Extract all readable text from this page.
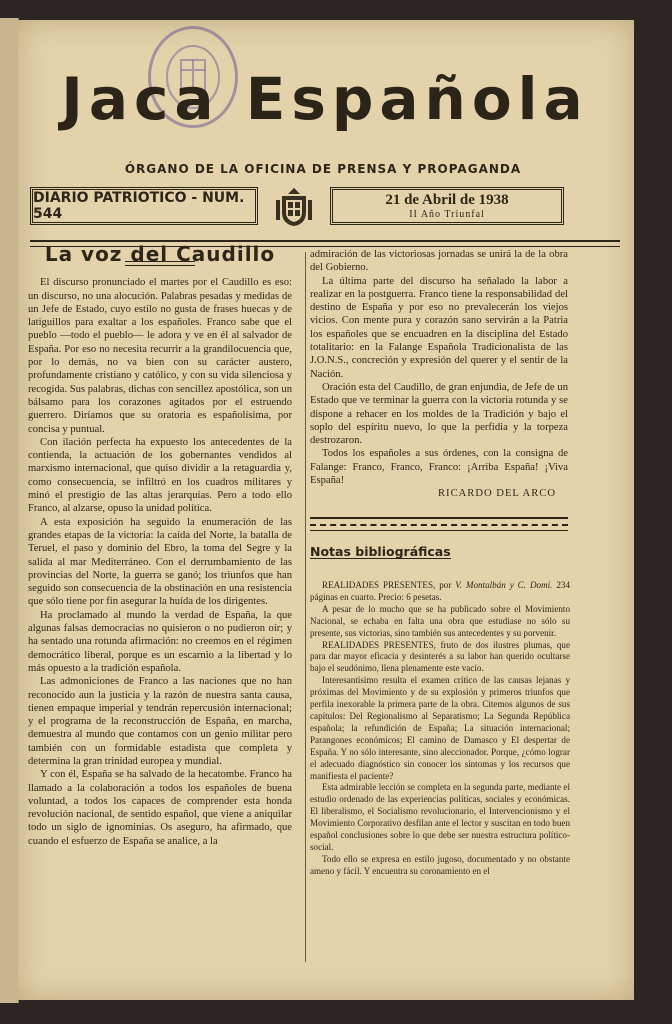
Jaca Española
ÓRGANO DE LA OFICINA DE PRENSA Y PROPAGANDA
DIARIO PATRIOTICO - NUM. 544
21 de Abril de 1938
II Año Triunfal

La voz del Caudillo

El discurso pronunciado el martes por el Caudillo es eso: un discurso, no una alocución. Palabras pesadas y medidas de un Jefe de Estado, cuyo estilo no gusta de frases huecas y de latiguillos para exaltar a los españoles. Franco sabe que el pueblo —todo el pueblo— le adora y ve en él al salvador de España. Por eso no necesita recurrir a la grandilocuencia que, por lo demás, no va bien con su carácter austero, profundamente cristiano y católico, y con su vida silenciosa y recogida. Sus palabras, dichas con sencillez apostólica, son un bálsamo para los corazones agitados por el estruendo guerrero. Diríamos que su oratoria es españolísima, por concisa y puntual.

Con ilación perfecta ha expuesto los antecedentes de la contienda, la actuación de los gobernantes vendidos al marxismo internacional, que quiso dividir a la retaguardia y, como consecuencia, se infiltró en los cuadros militares y minó el prestigio de las altas jerarquías. Pero a todo ello Franco, al alzarse, opuso la unidad política.

A esta exposición ha seguido la enumeración de las grandes etapas de la victoria: la caída del Norte, la batalla de Teruel, el paso y dominio del Ebro, la toma del Segre y la salida al mar Mediterráneo. Con el derrumbamiento de las provincias del Norte, la guerra se ganó; los triunfos que han seguido son consecuencia de la obstinación en una resistencia que sólo tiene por fin asegurar la huída de los dirigentes.

Ha proclamado al mundo la verdad de España, la que algunas falsas democracias no quisieron o no pudieron oír; y ha sentado una rotunda afirmación: no creemos en el régimen democrático liberal, porque es un escarnio a la libertad y lo más opuesto a la tradición española.

Las admoniciones de Franco a las naciones que no han reconocido aun la justicia y la razón de nuestra santa causa, tienen empaque imperial y tendrán repercusión internacional; y el programa de la reconstrucción de España, en marcha, demuestra al mundo que contamos con un genio militar pero también con un formidable estadista que completa y determina la gran trinidad europea y mundial.

Y con él, España se ha salvado de la hecatombe. Franco ha llamado a la colaboración a todos los españoles de buena voluntad, a todos los capaces de comprender esta honda revolución nacional, de sentido español, que viene a aniquilar todo un siglo de ignominias. Os aseguro, ha afirmado, que cuando el esfuerzo de España se analice, a la

admiración de las victoriosas jornadas se unirá la de la obra del Gobierno.

La última parte del discurso ha señalado la labor a realizar en la postguerra. Franco tiene la responsabilidad del destino de España y por eso no prevalecerán los viejos vicios. Con mente pura y corazón sano servirán a la Patria los españoles que se encuadren en la disciplina del Estado totalitario: en la Falange Española Tradicionalista de las J.O.N.S., concreción y expresión del querer y el sentir de la Nación.

Oración esta del Caudillo, de gran enjundia, de Jefe de un Estado que ve terminar la guerra con la victoria rotunda y se dispone a rehacer en los moldes de la Tradición y bajo el soplo del espíritu nuevo, lo que la perfidia y la torpeza destrozaron.

Todos los españoles a sus órdenes, con la consigna de Falange: Franco, Franco, Franco: ¡Arriba España! ¡Viva España!

RICARDO DEL ARCO

Notas bibliográficas

REALIDADES PRESENTES, por V. Montalbán y C. Domi. 234 páginas en cuarto. Precio: 6 pesetas.

A pesar de lo mucho que se ha publicado sobre el Movimiento Nacional, se echaba en falta una obra que estudiase no sólo su presente, sus victorias, sino también sus antecedentes y su porvenir.

REALIDADES PRESENTES, fruto de dos ilustres plumas, que para dar mayor eficacia y desinterés a su labor han querido ocultarse bajo el seudónimo, llena plenamente este vacío.

Interesantísimo resulta el examen crítico de las causas lejanas y próximas del Movimiento y de su explosión y primeros triunfos que perfila inexorable la primera parte de la obra. Citemos algunos de sus capítulos: Del Regionalismo al Separatismo; La Segunda República española; la refundición de España; La situación internacional; Parangones económicos; El camino de Damasco y El despertar de España. Y no sólo interesante, sino aleccionador. Porque, ¿cómo lograr el adecuado diagnóstico sin conocer los síntomas y los recursos que manifiesta el paciente?

Esta admirable lección se completa en la segunda parte, mediante el estudio ordenado de las experiencias políticas, sociales y económicas. El liberalismo, el Socialismo revolucionario, el Intervencionismo y el Movimiento Corporativo desfilan ante el lector y suscitan en todo buen español conclusiones sobre lo que debe ser nuestra estructura político-social.

Todo ello se expresa en estilo jugoso, documentado y no obstante ameno y fácil. Y encuentra su coronamiento en el
